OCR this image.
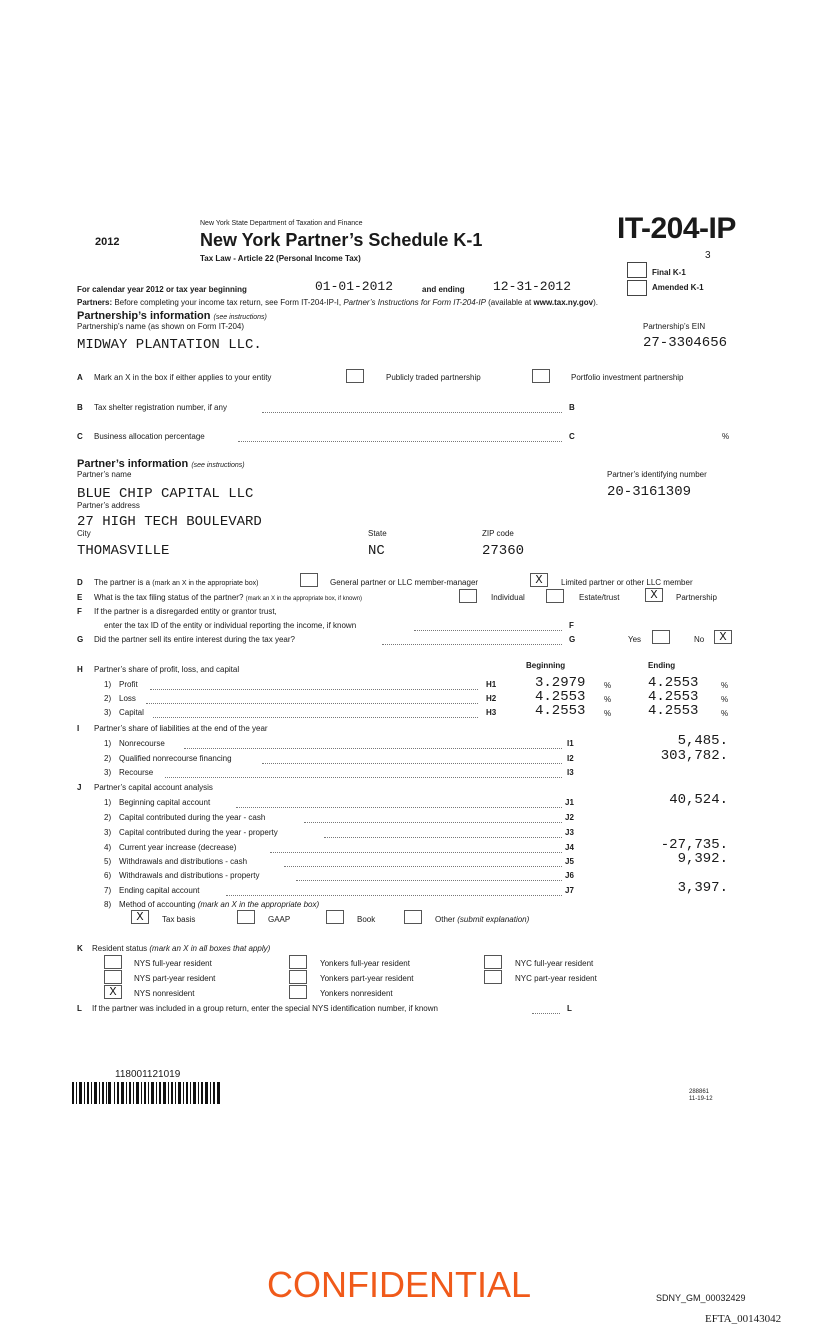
New York State Department of Taxation and Finance
2012	New York Partner’s Schedule K-1
Tax Law - Article 22 (Personal Income Tax)
IT-204-IP
3
Final K-1
Amended K-1
For calendar year 2012 or tax year beginning	01-01-2012	and ending 12-31-2012
Partners: Before completing your income tax return, see Form IT-204-IP-I, Partner’s Instructions for Form IT-204-IP (available at www.tax.ny.gov).
Partnership’s information (see instructions)
Partnership’s name (as shown on Form IT-204)	Partnership’s EIN
MIDWAY PLANTATION LLC.	27-3304656
A Mark an X in the box if either applies to your entity	Publicly traded partnership	Portfolio investment partnership
B Tax shelter registration number, if any	B
C Business allocation percentage	C	%
Partner’s information (see instructions)
Partner’s name	Partner’s identifying number
BLUE CHIP CAPITAL LLC	20-3161309
Partner’s address
27 HIGH TECH BOULEVARD
City	State	ZIP code
THOMASVILLE	NC	27360
D The partner is a (mark an X in the appropriate box)	General partner or LLC member-manager	X	Limited partner or other LLC member
E What is the tax filing status of the partner? (mark an X in the appropriate box, if known)	Individual	Estate/trust	X	Partnership
F If the partner is a disregarded entity or grantor trust,
enter the tax ID of the entity or individual reporting the income, if known	F
G Did the partner sell its entire interest during the tax year?	G	Yes	No	X
H Partner’s share of profit, loss, and capital	Beginning	Ending
1) Profit	H1	3.2979 %	4.2553	%
2) Loss	H2	4.2553 %	4.2553	%
3) Capital	H3	4.2553 %	4.2553	%
I Partner’s share of liabilities at the end of the year
1) Nonrecourse	I1	5,485.
2) Qualified nonrecourse financing	I2	303,782.
3) Recourse	I3
J Partner’s capital account analysis
1) Beginning capital account	J1	40,524.
2) Capital contributed during the year - cash	J2
3) Capital contributed during the year - property	J3
4) Current year increase (decrease)	J4	-27,735.
5) Withdrawals and distributions - cash	J5	9,392.
6) Withdrawals and distributions - property	J6
7) Ending capital account	J7	3,397.
8) Method of accounting (mark an X in the appropriate box)
X	Tax basis	GAAP	Book	Other (submit explanation)
K Resident status (mark an X in all boxes that apply)
NYS full-year resident
NYS part-year resident
X	NYS nonresident
Yonkers full-year resident
Yonkers part-year resident
Yonkers nonresident
NYC full-year resident
NYC part-year resident
L If the partner was included in a group return, enter the special NYS identification number, if known	L
118001121019
288861
11-19-12
CONFIDENTIAL	SDNY_GM_00032429
EFTA_00143042
